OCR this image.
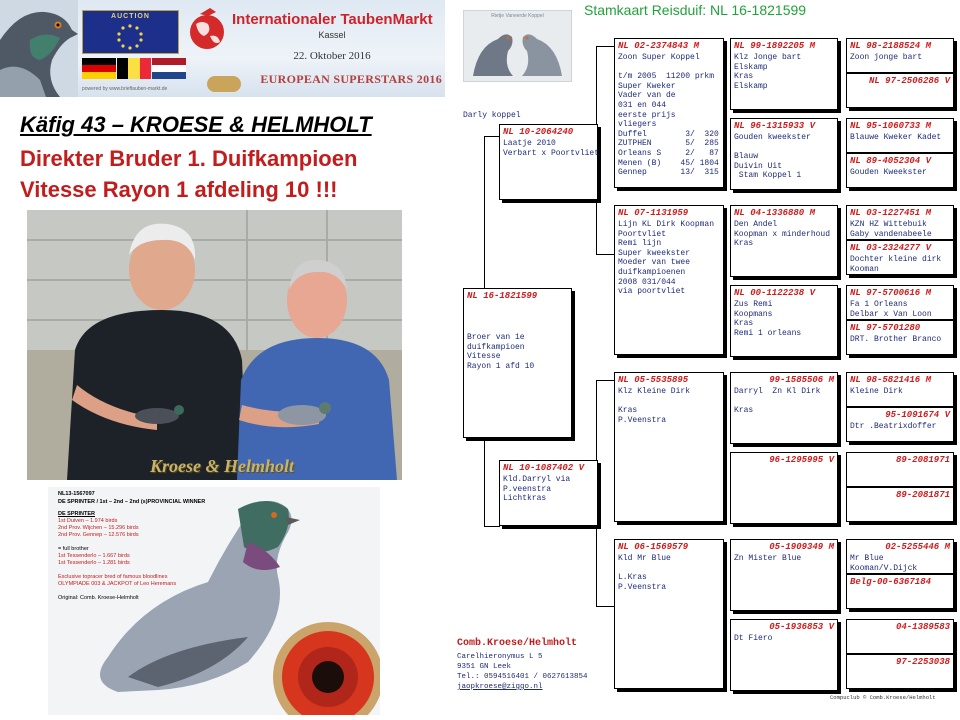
AUCTION	Internationaler TaubenMarkt
Kassel
22. Oktober 2016
EUROPEAN SUPERSTARS 2016
powered by www.brieftauben-markt.de
Käfig 43 – KROESE & HELMHOLT
Direkter Bruder 1. Duifkampioen
Vitesse Rayon 1 afdeling 10 !!!
Kroese & Helmholt
NL13-1567097
DE SPRINTER / 1st – 2nd – 2nd (s)PROVINCIAL WINNER
DE SPRINTER
1st Duiven – 1.974 birds
2nd Prov. Wijchen – 15.296 birds
2nd Prov. Gennep – 12.576 birds
= full brother
1st Tessenderlo – 1.667 birds
1st Tessenderlo – 1.281 birds
Exclusive topracer bred of famous bloodlines
OLYMPIADE 003 & JACKPOT of Leo Heremans
Original: Comb. Kroese-Helmholt
Rietje Vaneerde Koppel	Stamkaart Reisduif: NL 16-1821599
Darly koppel
NL 16-1821599
Broer van 1e
duifkampioen
Vitesse
Rayon 1 afd 10
NL 10-2064240
Laatje 2010
Verbart x Poortvliet
NL 10-1087402 V
Kld.Darryl via
P.veenstra
Lichtkras
NL 02-2374843 M
Zoon Super Koppel

t/m 2005  11200 prkm
Super Kweker
Vader van de
031 en 044
eerste prijs
vliegers
Duffel        3/  320
ZUTPHEN       5/  285
Orleans S     2/   87
Menen (B)    45/ 1804
Gennep       13/  315
NL 07-1131959
Lijn KL Dirk Koopman
Poortvliet
Remi lijn
Super kweekster
Moeder van twee
duifkampioenen
2008 031/044
via poortvliet
NL 05-5535895
Klz Kleine Dirk

Kras
P.Veenstra
NL 06-1569579
Kld Mr Blue

L.Kras
P.Veenstra
NL 99-1892205 M
Klz Jonge bart
Elskamp
Kras
Elskamp
NL 96-1315933 V
Gouden kweekster

Blauw
Duivin Uit
Stam Koppel 1
NL 04-1336880 M
Den Andel
Koopman x minderhoud
Kras
NL 00-1122238 V
Zus Remi
Koopmans
Kras
Remi 1 orleans
99-1585506 M
Darryl  Zn Kl Dirk

Kras
96-1295995 V
05-1909349 M
Zn Mister Blue
05-1936853 V
Dt Fiero
NL 98-2188524 M
Zoon jonge bart
NL 97-2506286 V
NL 95-1060733 M
Blauwe Kweker Kadet
NL 89-4052304 V
Gouden Kweekster
NL 03-1227451 M
KZN HZ Wittebuik
Gaby vandenabeele
NL 03-2324277 V
Dochter kleine dirk
Kooman
NL 97-5700616 M
Fa 1 Orleans
Delbar x Van Loon
NL 97-5701280
DRT. Brother Branco
NL 98-5821416 M
Kleine Dirk
95-1091674 V
Dtr .Beatrixdoffer
89-2081971
89-2081871
02-5255446 M
Mr Blue
Kooman/V.Dijck
Belg-00-6367184
04-1389583
97-2253038
Comb.Kroese/Helmholt
Carelhieronymus L 5
9351 GN Leek
Tel.: 0594516401 / 0627613854
jaopkroese@ziggo.nl
Compuclub © Comb.Kroese/Helmholt
